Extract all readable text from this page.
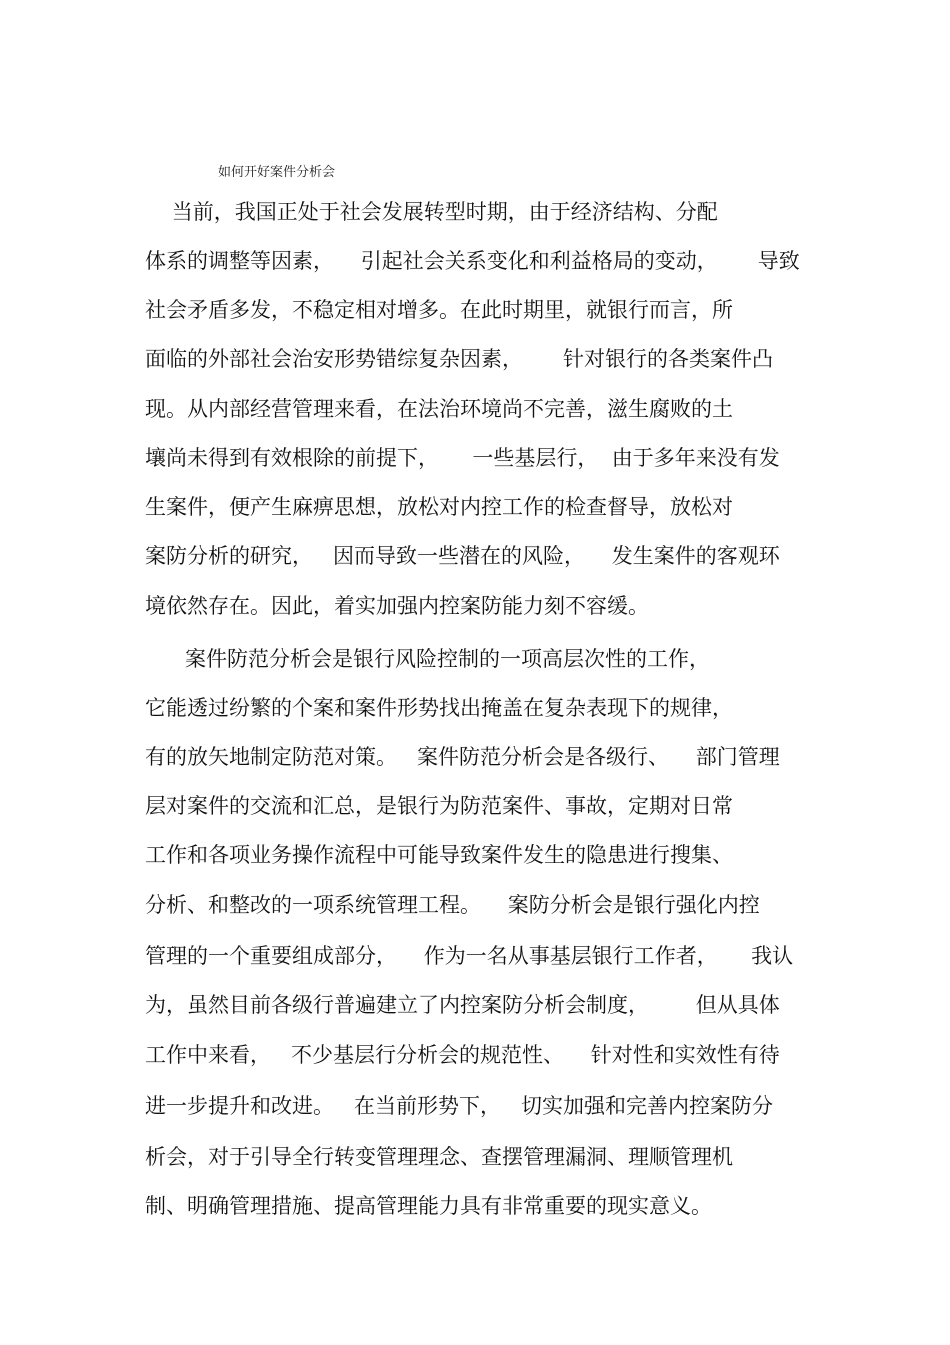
如何开好案件分析会
当前，我国正处于社会发展转型时期，由于经济结构、分配
体系的调整等因素，    引起社会关系变化和利益格局的变动，      导致
社会矛盾多发，不稳定相对增多。在此时期里，就银行而言，所
面临的外部社会治安形势错综复杂因素，      针对银行的各类案件凸
现。从内部经营管理来看，在法治环境尚不完善，滋生腐败的土
壤尚未得到有效根除的前提下，     一些基层行，  由于多年来没有发
生案件，便产生麻痹思想，放松对内控工作的检查督导，放松对
案防分析的研究，   因而导致一些潜在的风险，    发生案件的客观环
境依然存在。因此，着实加强内控案防能力刻不容缓。
案件防范分析会是银行风险控制的一项高层次性的工作，
它能透过纷繁的个案和案件形势找出掩盖在复杂表现下的规律，
有的放矢地制定防范对策。   案件防范分析会是各级行、    部门管理
层对案件的交流和汇总，是银行为防范案件、事故，定期对日常
工作和各项业务操作流程中可能导致案件发生的隐患进行搜集、
分析、和整改的一项系统管理工程。    案防分析会是银行强化内控
管理的一个重要组成部分，    作为一名从事基层银行工作者，     我认
为，虽然目前各级行普遍建立了内控案防分析会制度，       但从具体
工作中来看，   不少基层行分析会的规范性、    针对性和实效性有待
进一步提升和改进。   在当前形势下，   切实加强和完善内控案防分
析会，对于引导全行转变管理理念、查摆管理漏洞、理顺管理机
制、明确管理措施、提高管理能力具有非常重要的现实意义。
